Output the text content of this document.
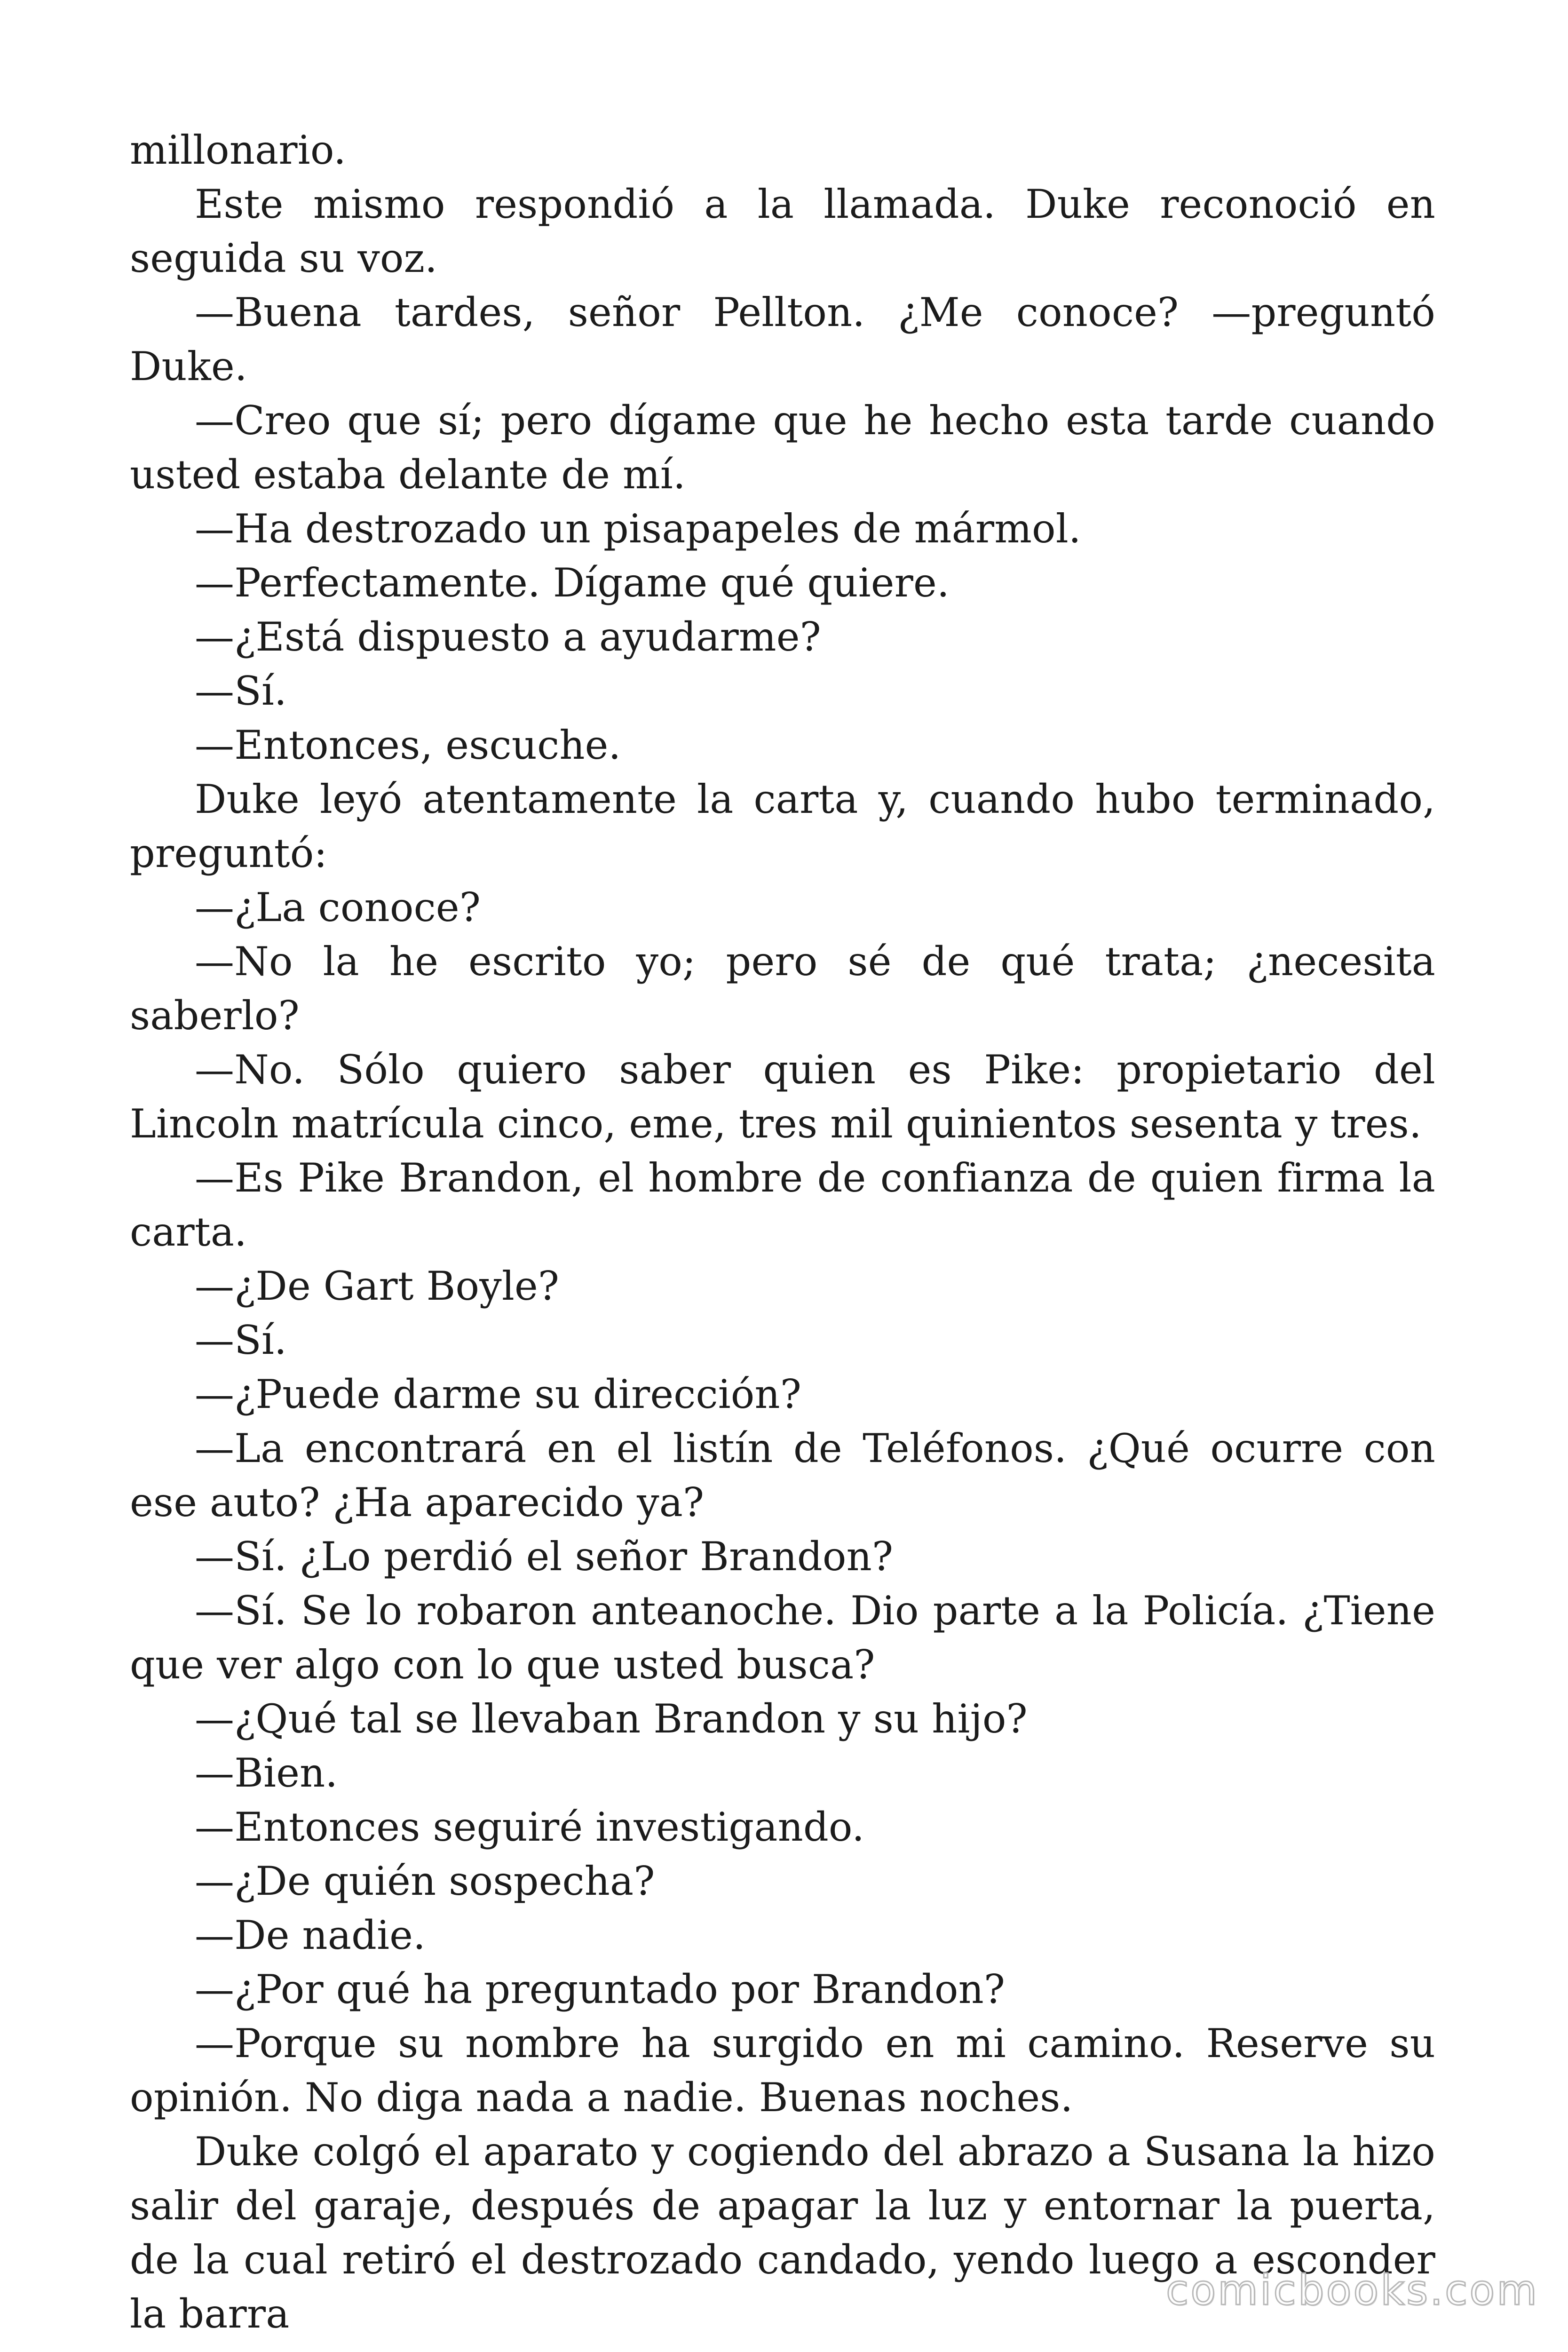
millonario.

Este mismo respondió a la llamada. Duke reconoció en seguida su voz.

—Buena tardes, señor Pellton. ¿Me conoce? —preguntó Duke.

—Creo que sí; pero dígame que he hecho esta tarde cuando usted estaba delante de mí.

—Ha destrozado un pisapapeles de mármol.

—Perfectamente. Dígame qué quiere.

—¿Está dispuesto a ayudarme?

—Sí.

—Entonces, escuche.

Duke leyó atentamente la carta y, cuando hubo terminado, preguntó:

—¿La conoce?

—No la he escrito yo; pero sé de qué trata; ¿necesita saberlo?

—No. Sólo quiero saber quien es Pike: propietario del Lincoln matrícula cinco, eme, tres mil quinientos sesenta y tres.

—Es Pike Brandon, el hombre de confianza de quien firma la carta.

—¿De Gart Boyle?

—Sí.

—¿Puede darme su dirección?

—La encontrará en el listín de Teléfonos. ¿Qué ocurre con ese auto? ¿Ha aparecido ya?

—Sí. ¿Lo perdió el señor Brandon?

—Sí. Se lo robaron anteanoche. Dio parte a la Policía. ¿Tiene que ver algo con lo que usted busca?

—¿Qué tal se llevaban Brandon y su hijo?

—Bien.

—Entonces seguiré investigando.

—¿De quién sospecha?

—De nadie.

—¿Por qué ha preguntado por Brandon?

—Porque su nombre ha surgido en mi camino. Reserve su opinión. No diga nada a nadie. Buenas noches.

Duke colgó el aparato y cogiendo del abrazo a Susana la hizo salir del garaje, después de apagar la luz y entornar la puerta, de la cual retiró el destrozado candado, yendo luego a esconder la barra	comicbooks.com
